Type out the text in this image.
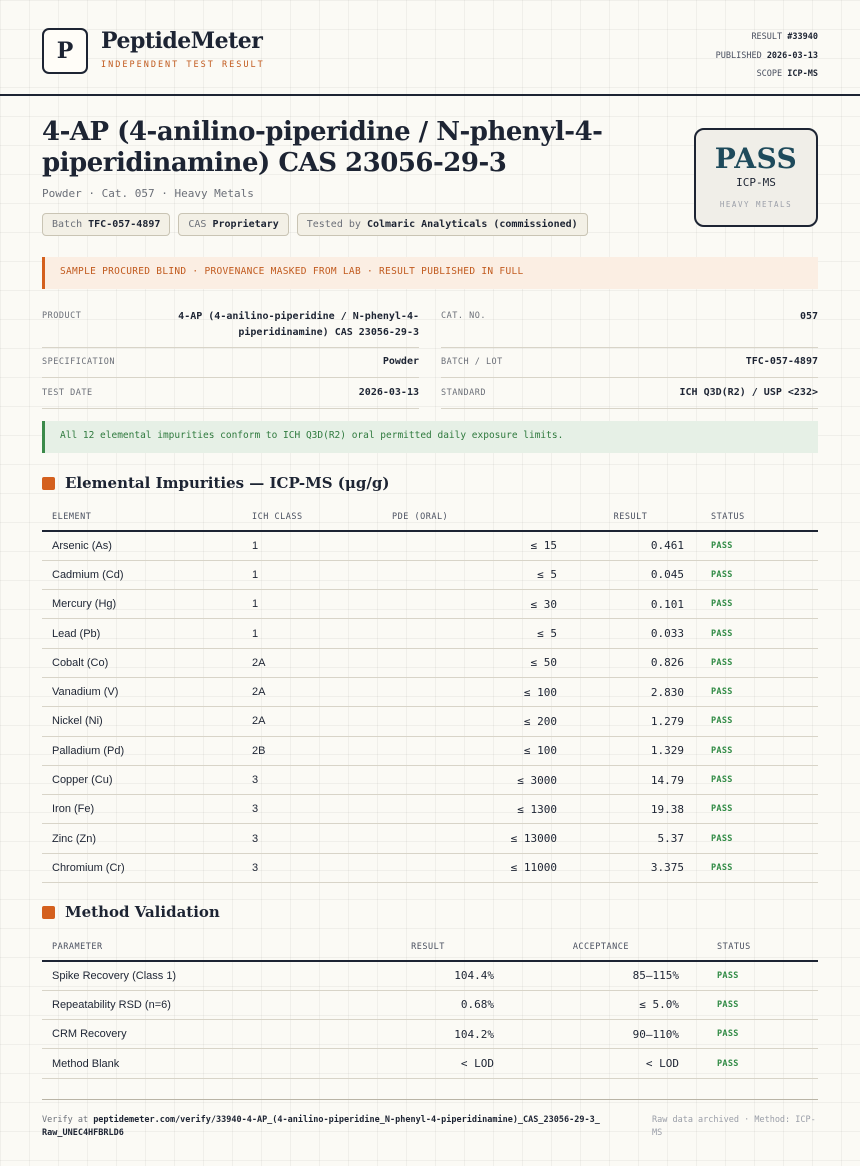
P	PeptideMeter
INDEPENDENT TEST RESULT
RESULT #33940
PUBLISHED 2026-03-13
SCOPE ICP-MS
4-AP (4-anilino-piperidine / N-phenyl-4-piperidinamine) CAS 23056-29-3
Powder · Cat. 057 · Heavy Metals
Batch TFC-057-4897	CAS Proprietary	Tested by Colmaric Analyticals (commissioned)
PASS
ICP-MS
HEAVY METALS
SAMPLE PROCURED BLIND · PROVENANCE MASKED FROM LAB · RESULT PUBLISHED IN FULL
PRODUCT	4-AP (4-anilino-piperidine / N-phenyl-4-piperidinamine) CAS 23056-29-3
CAT. NO.	057
SPECIFICATION	Powder	BATCH / LOT	TFC-057-4897
TEST DATE	2026-03-13	STANDARD	ICH Q3D(R2) / USP <232>
All 12 elemental impurities conform to ICH Q3D(R2) oral permitted daily exposure limits.
Elemental Impurities — ICP-MS (μg/g)
ELEMENT	ICH CLASS	PDE (ORAL)	RESULT	STATUS
Arsenic (As)	1	≤ 15	0.461	PASS
Cadmium (Cd)	1	≤ 5	0.045	PASS
Mercury (Hg)	1	≤ 30	0.101	PASS
Lead (Pb)	1	≤ 5	0.033	PASS
Cobalt (Co)	2A	≤ 50	0.826	PASS
Vanadium (V)	2A	≤ 100	2.830	PASS
Nickel (Ni)	2A	≤ 200	1.279	PASS
Palladium (Pd)	2B	≤ 100	1.329	PASS
Copper (Cu)	3	≤ 3000	14.79	PASS
Iron (Fe)	3	≤ 1300	19.38	PASS
Zinc (Zn)	3	≤ 13000	5.37	PASS
Chromium (Cr)	3	≤ 11000	3.375	PASS
Method Validation
PARAMETER	RESULT	ACCEPTANCE	STATUS
Spike Recovery (Class 1)	104.4%	85–115%	PASS
Repeatability RSD (n=6)	0.68%	≤ 5.0%	PASS
CRM Recovery	104.2%	90–110%	PASS
Method Blank	< LOD	< LOD	PASS
Verify at peptidemeter.com/verify/33940-4-AP_(4-anilino-piperidine_N-phenyl-4-piperidinamine)_CAS_23056-29-3_Raw_UNEC4HFBRLD6
Raw data archived · Method: ICP-MS
